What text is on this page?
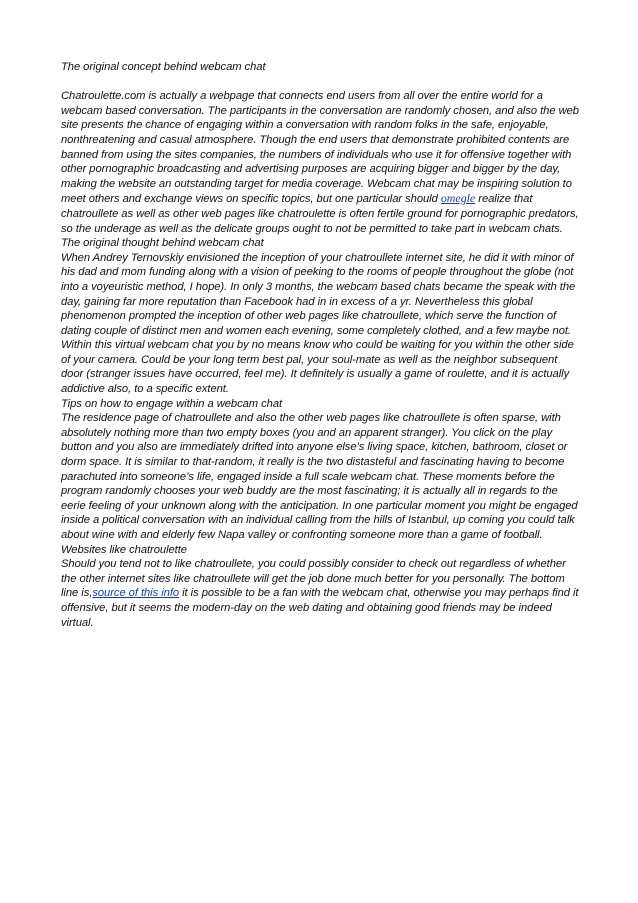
The original concept behind webcam chat

Chatroulette.com is actually a webpage that connects end users from all over the entire world for a webcam based conversation. The participants in the conversation are randomly chosen, and also the web site presents the chance of engaging within a conversation with random folks in the safe, enjoyable, nonthreatening and casual atmosphere. Though the end users that demonstrate prohibited contents are banned from using the sites companies, the numbers of individuals who use it for offensive together with other pornographic broadcasting and advertising purposes are acquiring bigger and bigger by the day, making the website an outstanding target for media coverage. Webcam chat may be inspiring solution to meet others and exchange views on specific topics, but one particular should omegle realize that chatroullete as well as other web pages like chatroulette is often fertile ground for pornographic predators, so the underage as well as the delicate groups ought to not be permitted to take part in webcam chats.

The original thought behind webcam chat

When Andrey Ternovskiy envisioned the inception of your chatroullete internet site, he did it with minor of his dad and mom funding along with a vision of peeking to the rooms of people throughout the globe (not into a voyeuristic method, I hope). In only 3 months, the webcam based chats became the speak with the day, gaining far more reputation than Facebook had in in excess of a yr. Nevertheless this global phenomenon prompted the inception of other web pages like chatroullete, which serve the function of dating couple of distinct men and women each evening, some completely clothed, and a few maybe not. Within this virtual webcam chat you by no means know who could be waiting for you within the other side of your camera. Could be your long term best pal, your soul-mate as well as the neighbor subsequent door (stranger issues have occurred, feel me). It definitely is usually a game of roulette, and it is actually addictive also, to a specific extent.

Tips on how to engage within a webcam chat

The residence page of chatroullete and also the other web pages like chatroullete is often sparse, with absolutely nothing more than two empty boxes (you and an apparent stranger). You click on the play button and you also are immediately drifted into anyone else’s living space, kitchen, bathroom, closet or dorm space. It is similar to that-random, it really is the two distasteful and fascinating having to become parachuted into someone’s life, engaged inside a full scale webcam chat. These moments before the program randomly chooses your web buddy are the most fascinating; it is actually all in regards to the eerie feeling of your unknown along with the anticipation. In one particular moment you might be engaged inside a political conversation with an individual calling from the hills of Istanbul, up coming you could talk about wine with and elderly few Napa valley or confronting someone more than a game of football.

Websites like chatroulette

Should you tend not to like chatroullete, you could possibly consider to check out regardless of whether the other internet sites like chatroullete will get the job done much better for you personally. The bottom line is,source of this info it is possible to be a fan with the webcam chat, otherwise you may perhaps find it offensive, but it seems the modern-day on the web dating and obtaining good friends may be indeed virtual.
